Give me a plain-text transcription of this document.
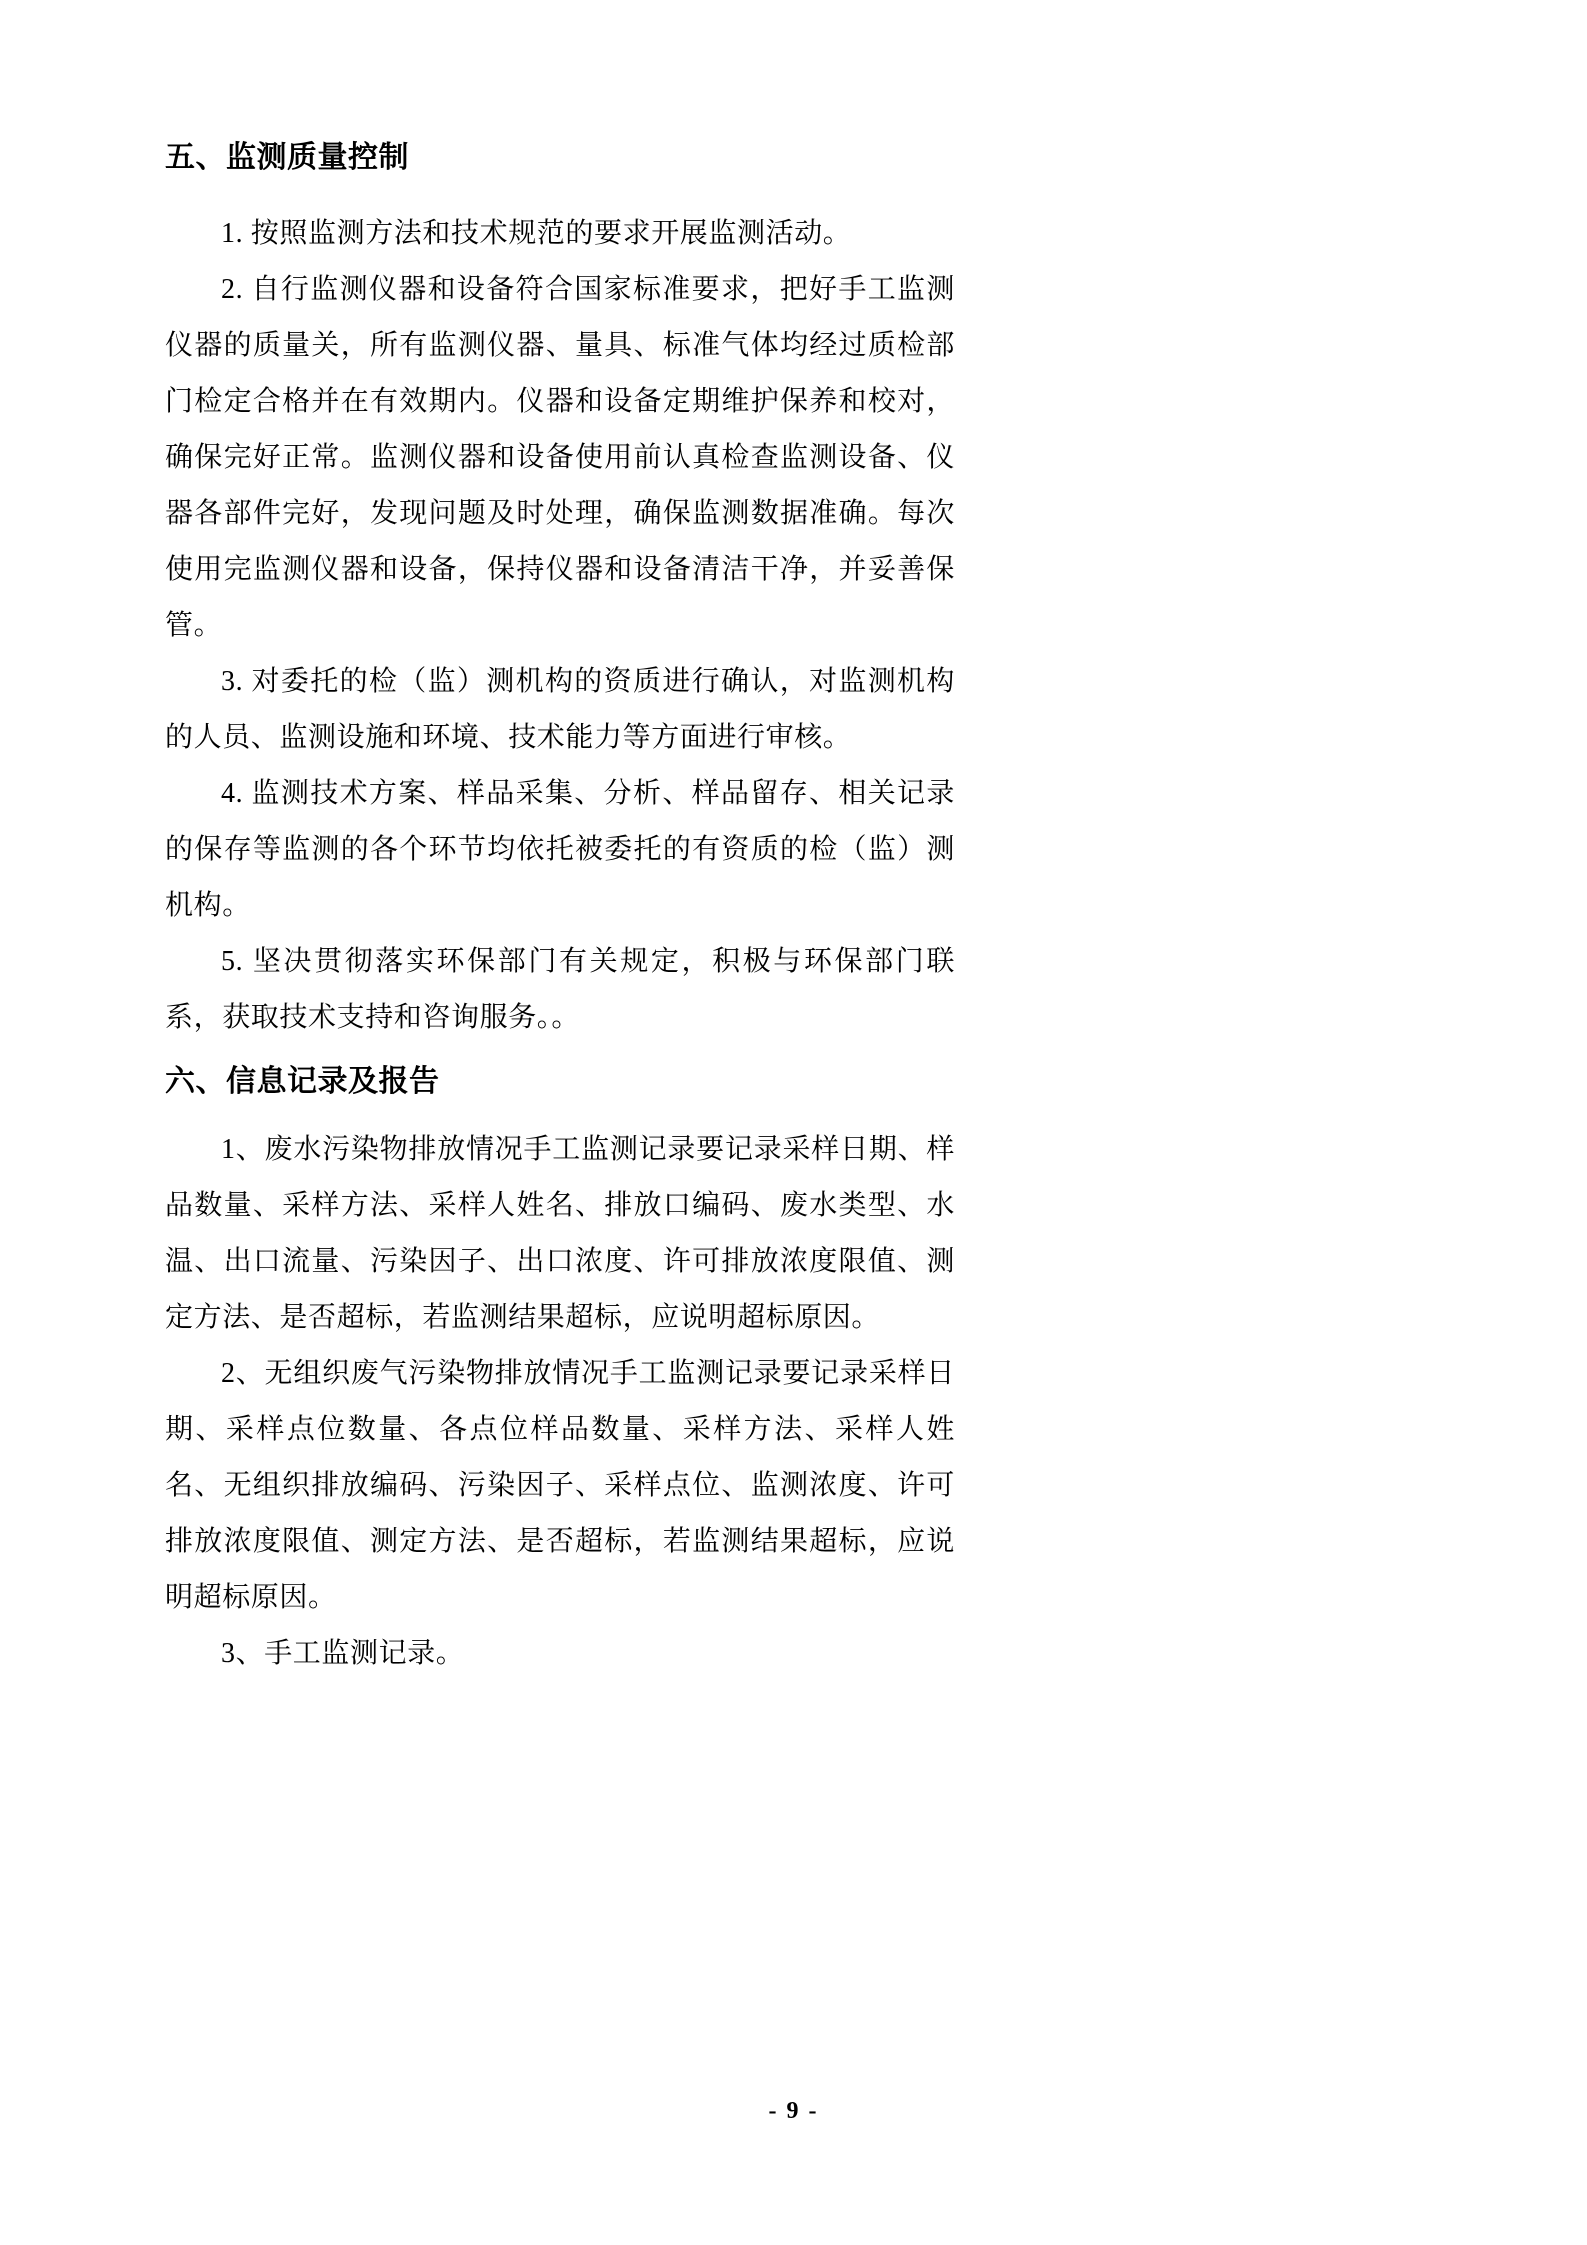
五、监测质量控制

1. 按照监测方法和技术规范的要求开展监测活动。

2. 自行监测仪器和设备符合国家标准要求，把好手工监测仪器的质量关，所有监测仪器、量具、标准气体均经过质检部门检定合格并在有效期内。仪器和设备定期维护保养和校对，确保完好正常。监测仪器和设备使用前认真检查监测设备、仪器各部件完好，发现问题及时处理，确保监测数据准确。每次使用完监测仪器和设备，保持仪器和设备清洁干净，并妥善保管。

3. 对委托的检（监）测机构的资质进行确认，对监测机构的人员、监测设施和环境、技术能力等方面进行审核。

4. 监测技术方案、样品采集、分析、样品留存、相关记录的保存等监测的各个环节均依托被委托的有资质的检（监）测机构。

5. 坚决贯彻落实环保部门有关规定，积极与环保部门联系，获取技术支持和咨询服务。。

六、信息记录及报告

1、废水污染物排放情况手工监测记录要记录采样日期、样品数量、采样方法、采样人姓名、排放口编码、废水类型、水温、出口流量、污染因子、出口浓度、许可排放浓度限值、测定方法、是否超标，若监测结果超标，应说明超标原因。

2、无组织废气污染物排放情况手工监测记录要记录采样日期、采样点位数量、各点位样品数量、采样方法、采样人姓名、无组织排放编码、污染因子、采样点位、监测浓度、许可排放浓度限值、测定方法、是否超标，若监测结果超标，应说明超标原因。

3、手工监测记录。

- 9 -
